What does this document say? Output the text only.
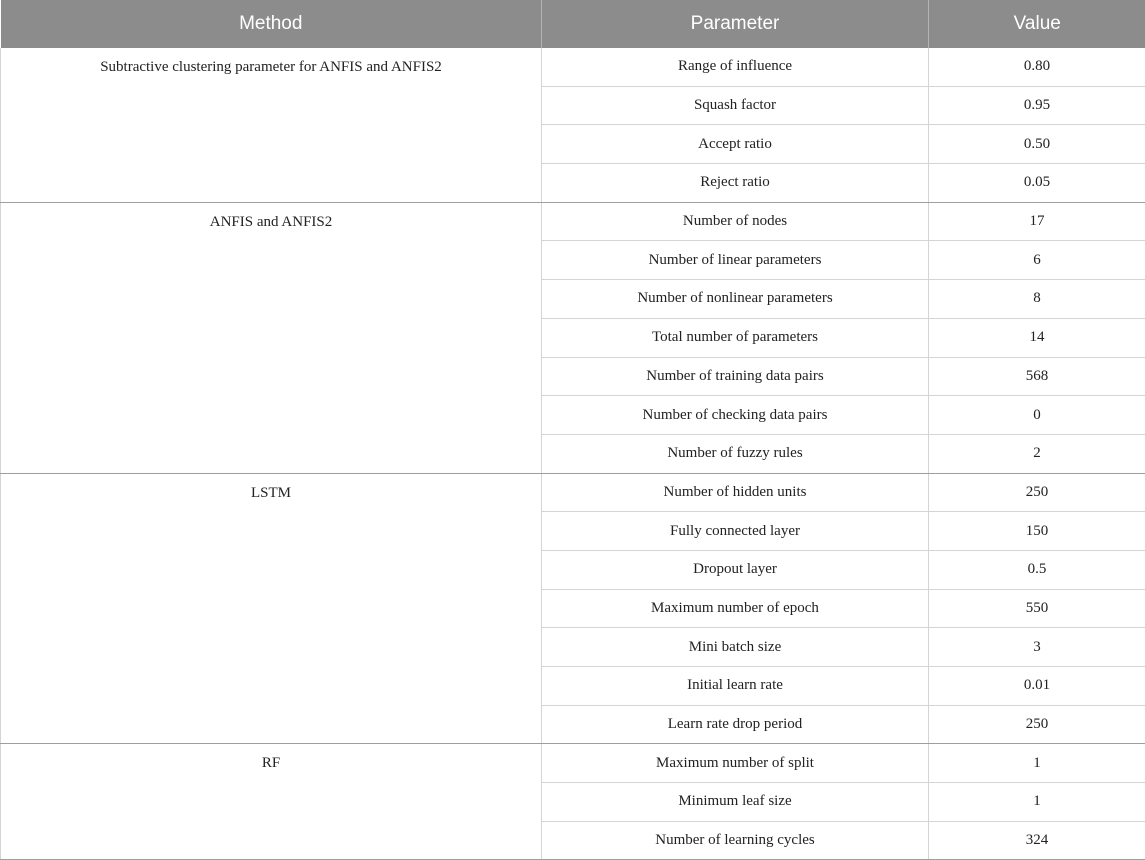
Method	Parameter	Value
Subtractive clustering parameter for ANFIS and ANFIS2	Range of influence	0.80
	Squash factor	0.95
	Accept ratio	0.50
	Reject ratio	0.05
ANFIS and ANFIS2	Number of nodes	17
	Number of linear parameters	6
	Number of nonlinear parameters	8
	Total number of parameters	14
	Number of training data pairs	568
	Number of checking data pairs	0
	Number of fuzzy rules	2
LSTM	Number of hidden units	250
	Fully connected layer	150
	Dropout layer	0.5
	Maximum number of epoch	550
	Mini batch size	3
	Initial learn rate	0.01
	Learn rate drop period	250
RF	Maximum number of split	1
	Minimum leaf size	1
	Number of learning cycles	324
